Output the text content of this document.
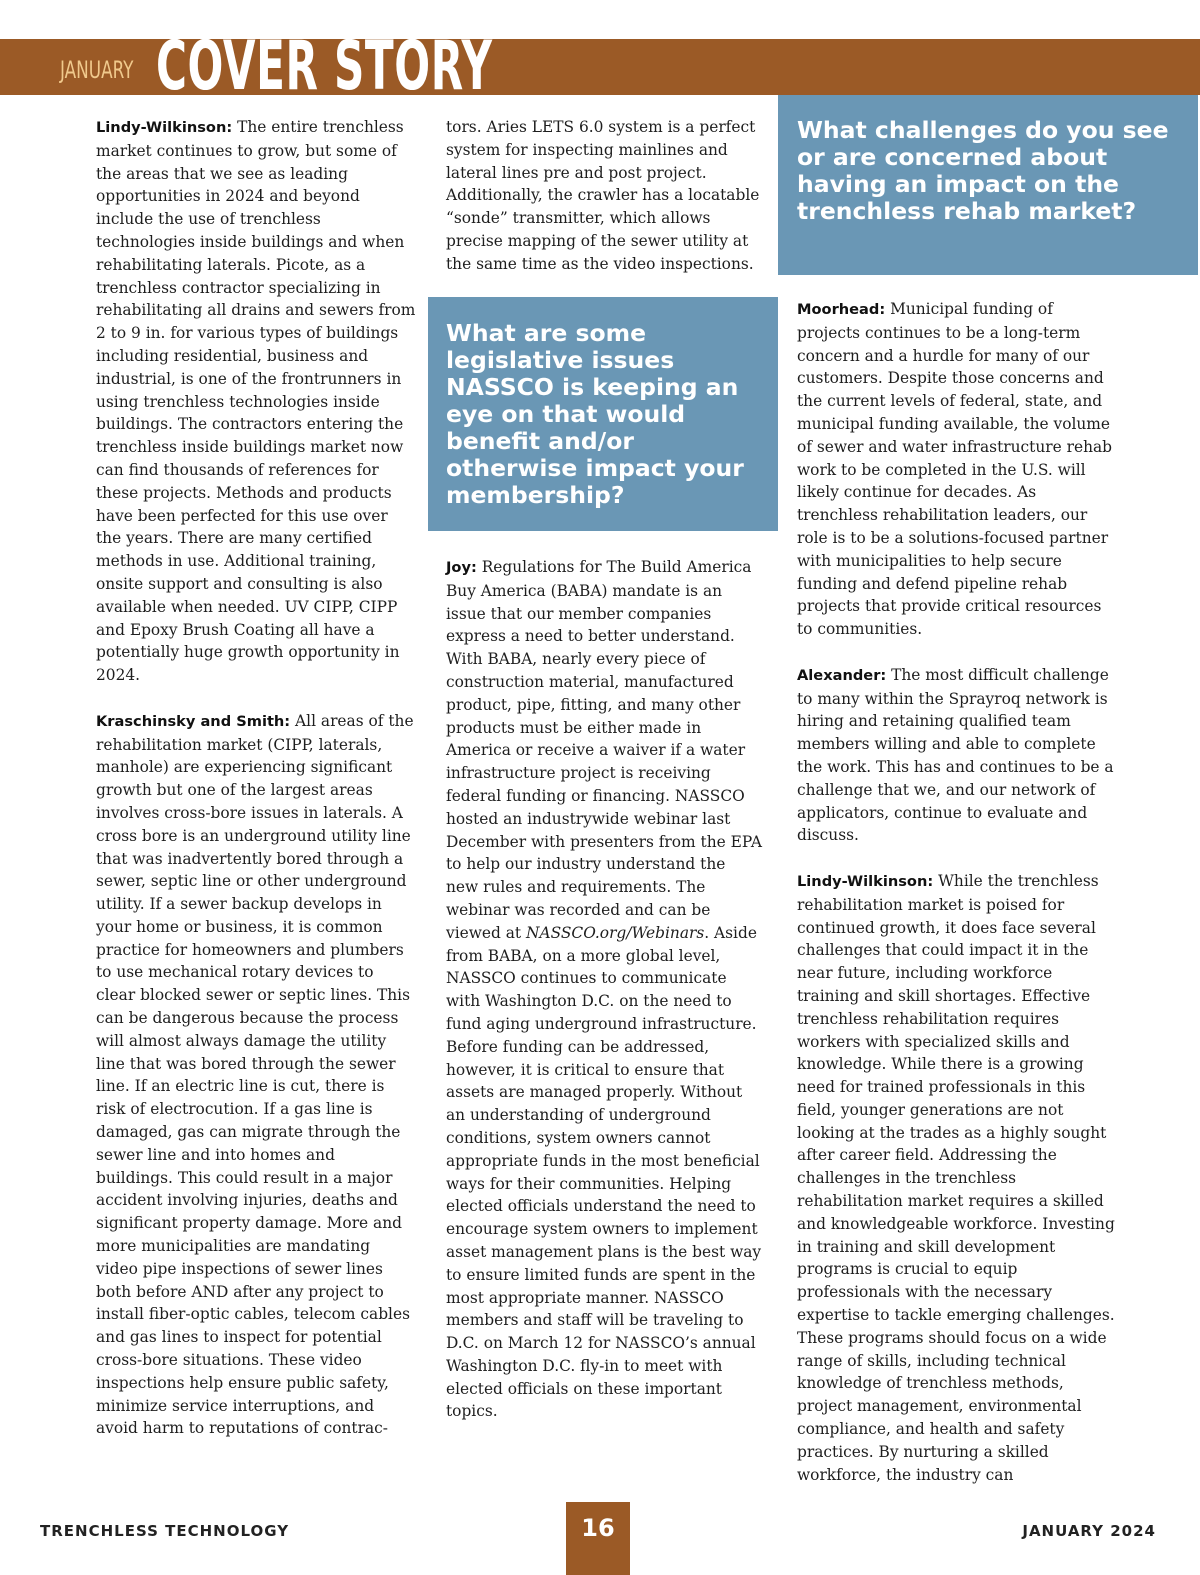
JANUARY COVER STORY

Lindy-Wilkinson: The entire trenchless market continues to grow, but some of the areas that we see as leading opportunities in 2024 and beyond include the use of trenchless technologies inside buildings and when rehabilitating laterals. Picote, as a trenchless contractor specializing in rehabilitating all drains and sewers from 2 to 9 in. for various types of buildings including residential, business and industrial, is one of the frontrunners in using trenchless technologies inside buildings. The contractors entering the trenchless inside buildings market now can find thousands of references for these projects. Methods and products have been perfected for this use over the years. There are many certified methods in use. Additional training, onsite support and consulting is also available when needed. UV CIPP, CIPP and Epoxy Brush Coating all have a potentially huge growth opportunity in 2024.

Kraschinsky and Smith: All areas of the rehabilitation market (CIPP, laterals, manhole) are experiencing significant growth but one of the largest areas involves cross-bore issues in laterals. A cross bore is an underground utility line that was inadvertently bored through a sewer, septic line or other underground utility. If a sewer backup develops in your home or business, it is common practice for homeowners and plumbers to use mechanical rotary devices to clear blocked sewer or septic lines. This can be dangerous because the process will almost always damage the utility line that was bored through the sewer line. If an electric line is cut, there is risk of electrocution. If a gas line is damaged, gas can migrate through the sewer line and into homes and buildings. This could result in a major accident involving injuries, deaths and significant property damage. More and more municipalities are mandating video pipe inspections of sewer lines both before AND after any project to install fiber-optic cables, telecom cables and gas lines to inspect for potential cross-bore situations. These video inspections help ensure public safety, minimize service interruptions, and avoid harm to reputations of contrac-

tors. Aries LETS 6.0 system is a perfect system for inspecting mainlines and lateral lines pre and post project. Additionally, the crawler has a locatable “sonde” transmitter, which allows precise mapping of the sewer utility at the same time as the video inspections.

What are some legislative issues NASSCO is keeping an eye on that would benefit and/or otherwise impact your membership?

Joy: Regulations for The Build America Buy America (BABA) mandate is an issue that our member companies express a need to better understand. With BABA, nearly every piece of construction material, manufactured product, pipe, fitting, and many other products must be either made in America or receive a waiver if a water infrastructure project is receiving federal funding or financing. NASSCO hosted an industrywide webinar last December with presenters from the EPA to help our industry understand the new rules and requirements. The webinar was recorded and can be viewed at NASSCO.org/Webinars. Aside from BABA, on a more global level, NASSCO continues to communicate with Washington D.C. on the need to fund aging underground infrastructure. Before funding can be addressed, however, it is critical to ensure that assets are managed properly. Without an understanding of underground conditions, system owners cannot appropriate funds in the most beneficial ways for their communities. Helping elected officials understand the need to encourage system owners to implement asset management plans is the best way to ensure limited funds are spent in the most appropriate manner. NASSCO members and staff will be traveling to D.C. on March 12 for NASSCO’s annual Washington D.C. fly-in to meet with elected officials on these important topics.

What challenges do you see or are concerned about having an impact on the trenchless rehab market?

Moorhead: Municipal funding of projects continues to be a long-term concern and a hurdle for many of our customers. Despite those concerns and the current levels of federal, state, and municipal funding available, the volume of sewer and water infrastructure rehab work to be completed in the U.S. will likely continue for decades. As trenchless rehabilitation leaders, our role is to be a solutions-focused partner with municipalities to help secure funding and defend pipeline rehab projects that provide critical resources to communities.

Alexander: The most difficult challenge to many within the Sprayroq network is hiring and retaining qualified team members willing and able to complete the work. This has and continues to be a challenge that we, and our network of applicators, continue to evaluate and discuss.

Lindy-Wilkinson: While the trenchless rehabilitation market is poised for continued growth, it does face several challenges that could impact it in the near future, including workforce training and skill shortages. Effective trenchless rehabilitation requires workers with specialized skills and knowledge. While there is a growing need for trained professionals in this field, younger generations are not looking at the trades as a highly sought after career field. Addressing the challenges in the trenchless rehabilitation market requires a skilled and knowledgeable workforce. Investing in training and skill development programs is crucial to equip professionals with the necessary expertise to tackle emerging challenges. These programs should focus on a wide range of skills, including technical knowledge of trenchless methods, project management, environmental compliance, and health and safety practices. By nurturing a skilled workforce, the industry can

TRENCHLESS TECHNOLOGY	16	JANUARY 2024
